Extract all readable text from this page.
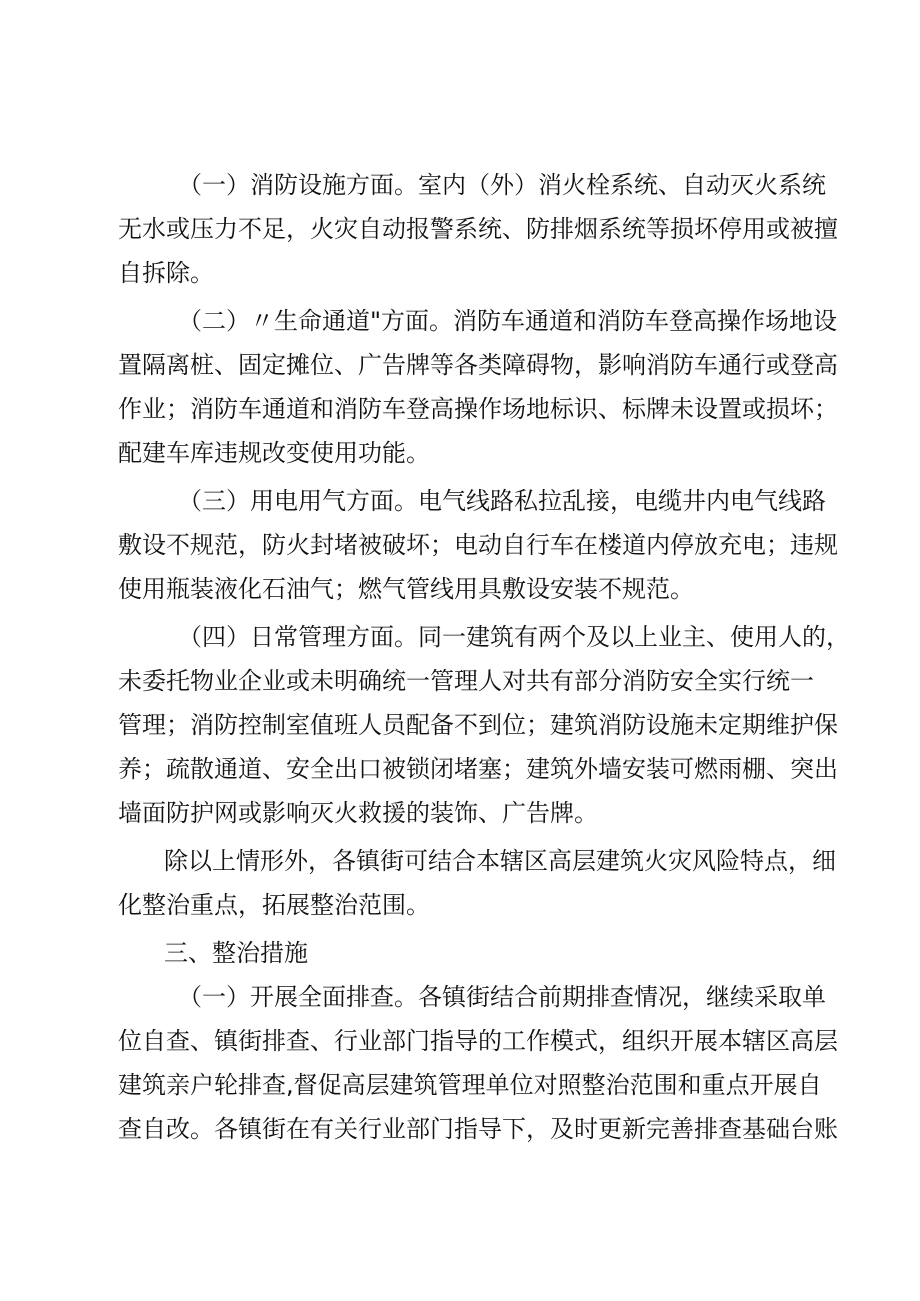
（一）消防设施方面。室内（外）消火栓系统、自动灭火系统
无水或压力不足，火灾自动报警系统、防排烟系统等损坏停用或被擅
自拆除。
（二）〃生命通道"方面。消防车通道和消防车登高操作场地设
置隔离桩、固定摊位、广告牌等各类障碍物，影响消防车通行或登高
作业；消防车通道和消防车登高操作场地标识、标牌未设置或损坏；
配建车库违规改变使用功能。
（三）用电用气方面。电气线路私拉乱接，电缆井内电气线路
敷设不规范，防火封堵被破坏；电动自行车在楼道内停放充电；违规
使用瓶装液化石油气；燃气管线用具敷设安装不规范。
（四）日常管理方面。同一建筑有两个及以上业主、使用人的，
未委托物业企业或未明确统一管理人对共有部分消防安全实行统一
管理；消防控制室值班人员配备不到位；建筑消防设施未定期维护保
养；疏散通道、安全出口被锁闭堵塞；建筑外墙安装可燃雨棚、突出
墙面防护网或影响灭火救援的装饰、广告牌。
除以上情形外，各镇街可结合本辖区高层建筑火灾风险特点，细
化整治重点，拓展整治范围。
三、整治措施
（一）开展全面排查。各镇街结合前期排查情况，继续采取单
位自查、镇街排查、行业部门指导的工作模式，组织开展本辖区高层
建筑亲户轮排查,督促高层建筑管理单位对照整治范围和重点开展自
查自改。各镇街在有关行业部门指导下，及时更新完善排查基础台账
